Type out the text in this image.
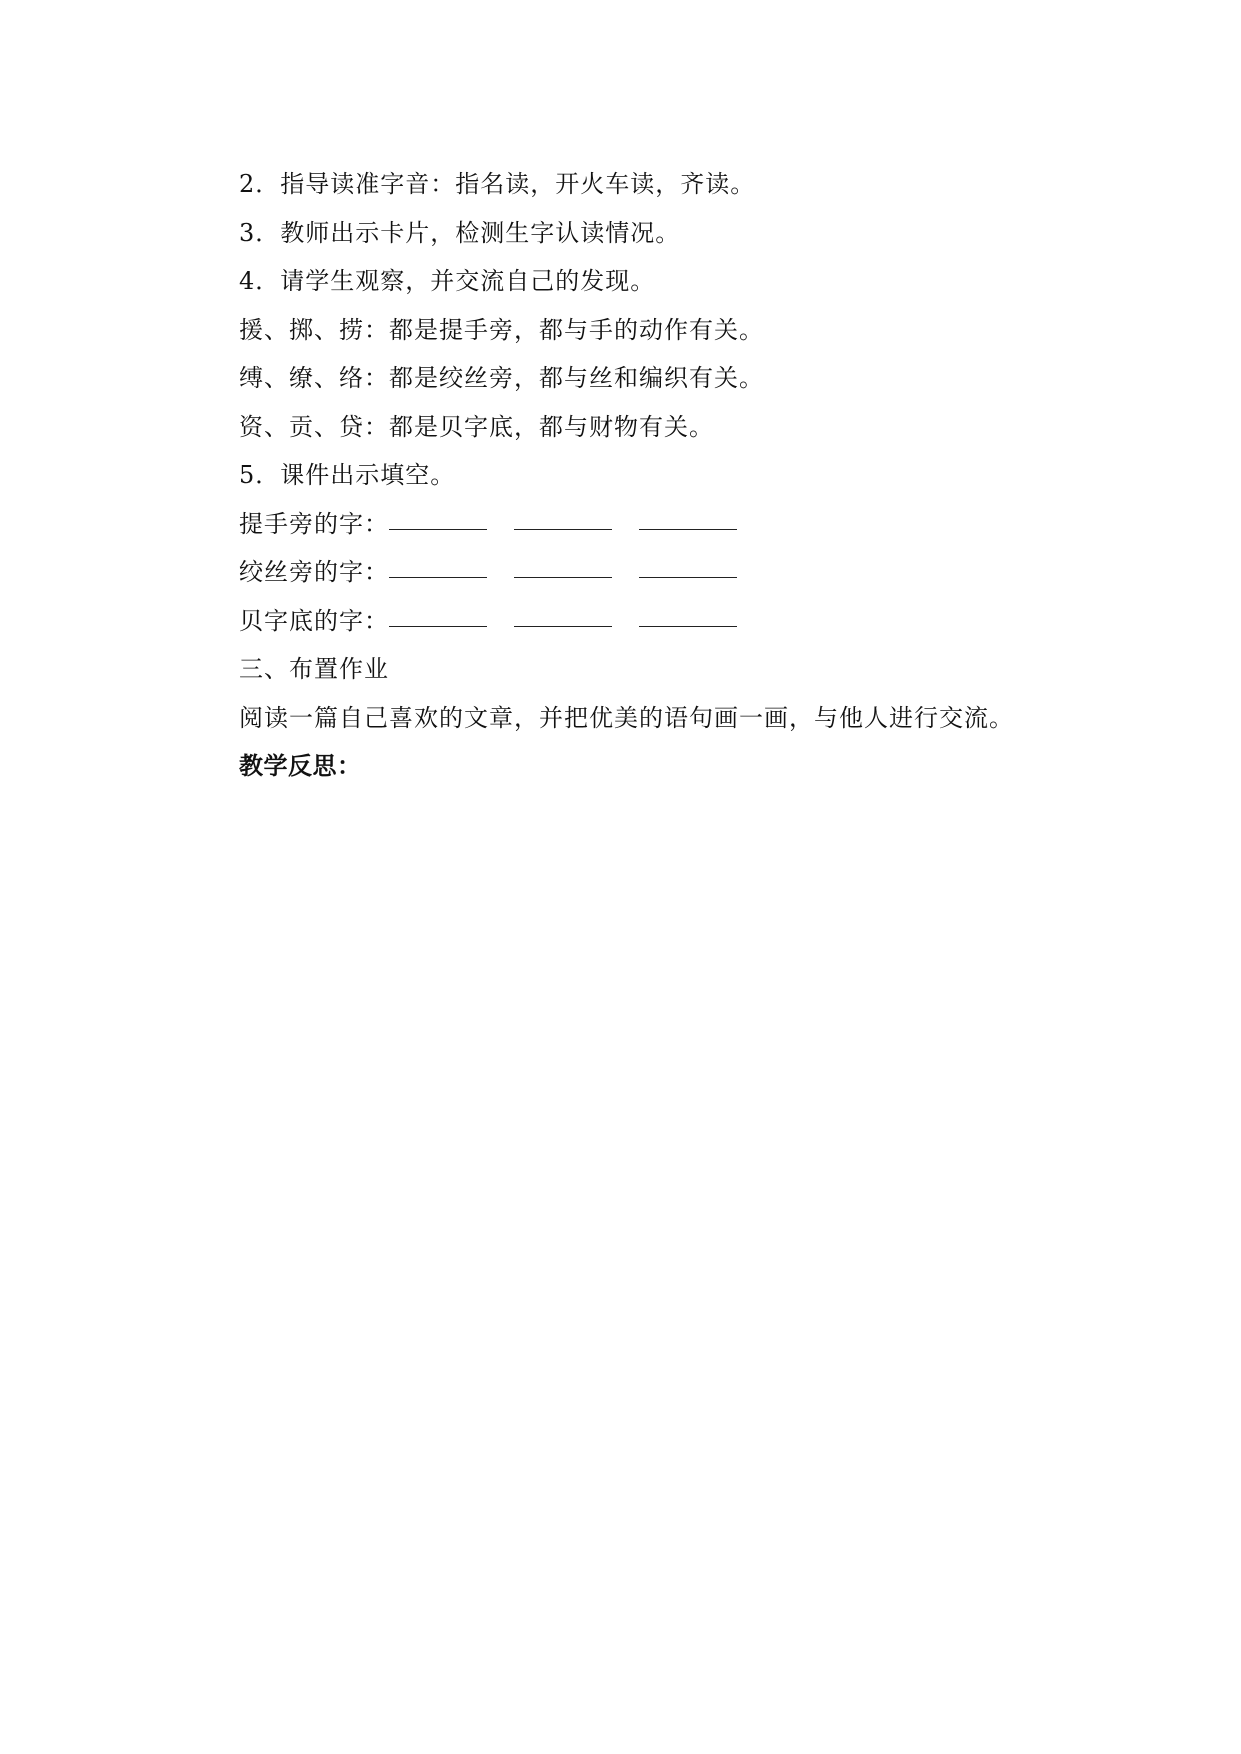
2．指导读准字音：指名读，开火车读，齐读。
3．教师出示卡片，检测生字认读情况。
4．请学生观察，并交流自己的发现。
援、掷、捞：都是提手旁，都与手的动作有关。
缚、缭、络：都是绞丝旁，都与丝和编织有关。
资、贡、贷：都是贝字底，都与财物有关。
5．课件出示填空。
提手旁的字：
绞丝旁的字：
贝字底的字：
三、布置作业
阅读一篇自己喜欢的文章，并把优美的语句画一画，与他人进行交流。
教学反思：
